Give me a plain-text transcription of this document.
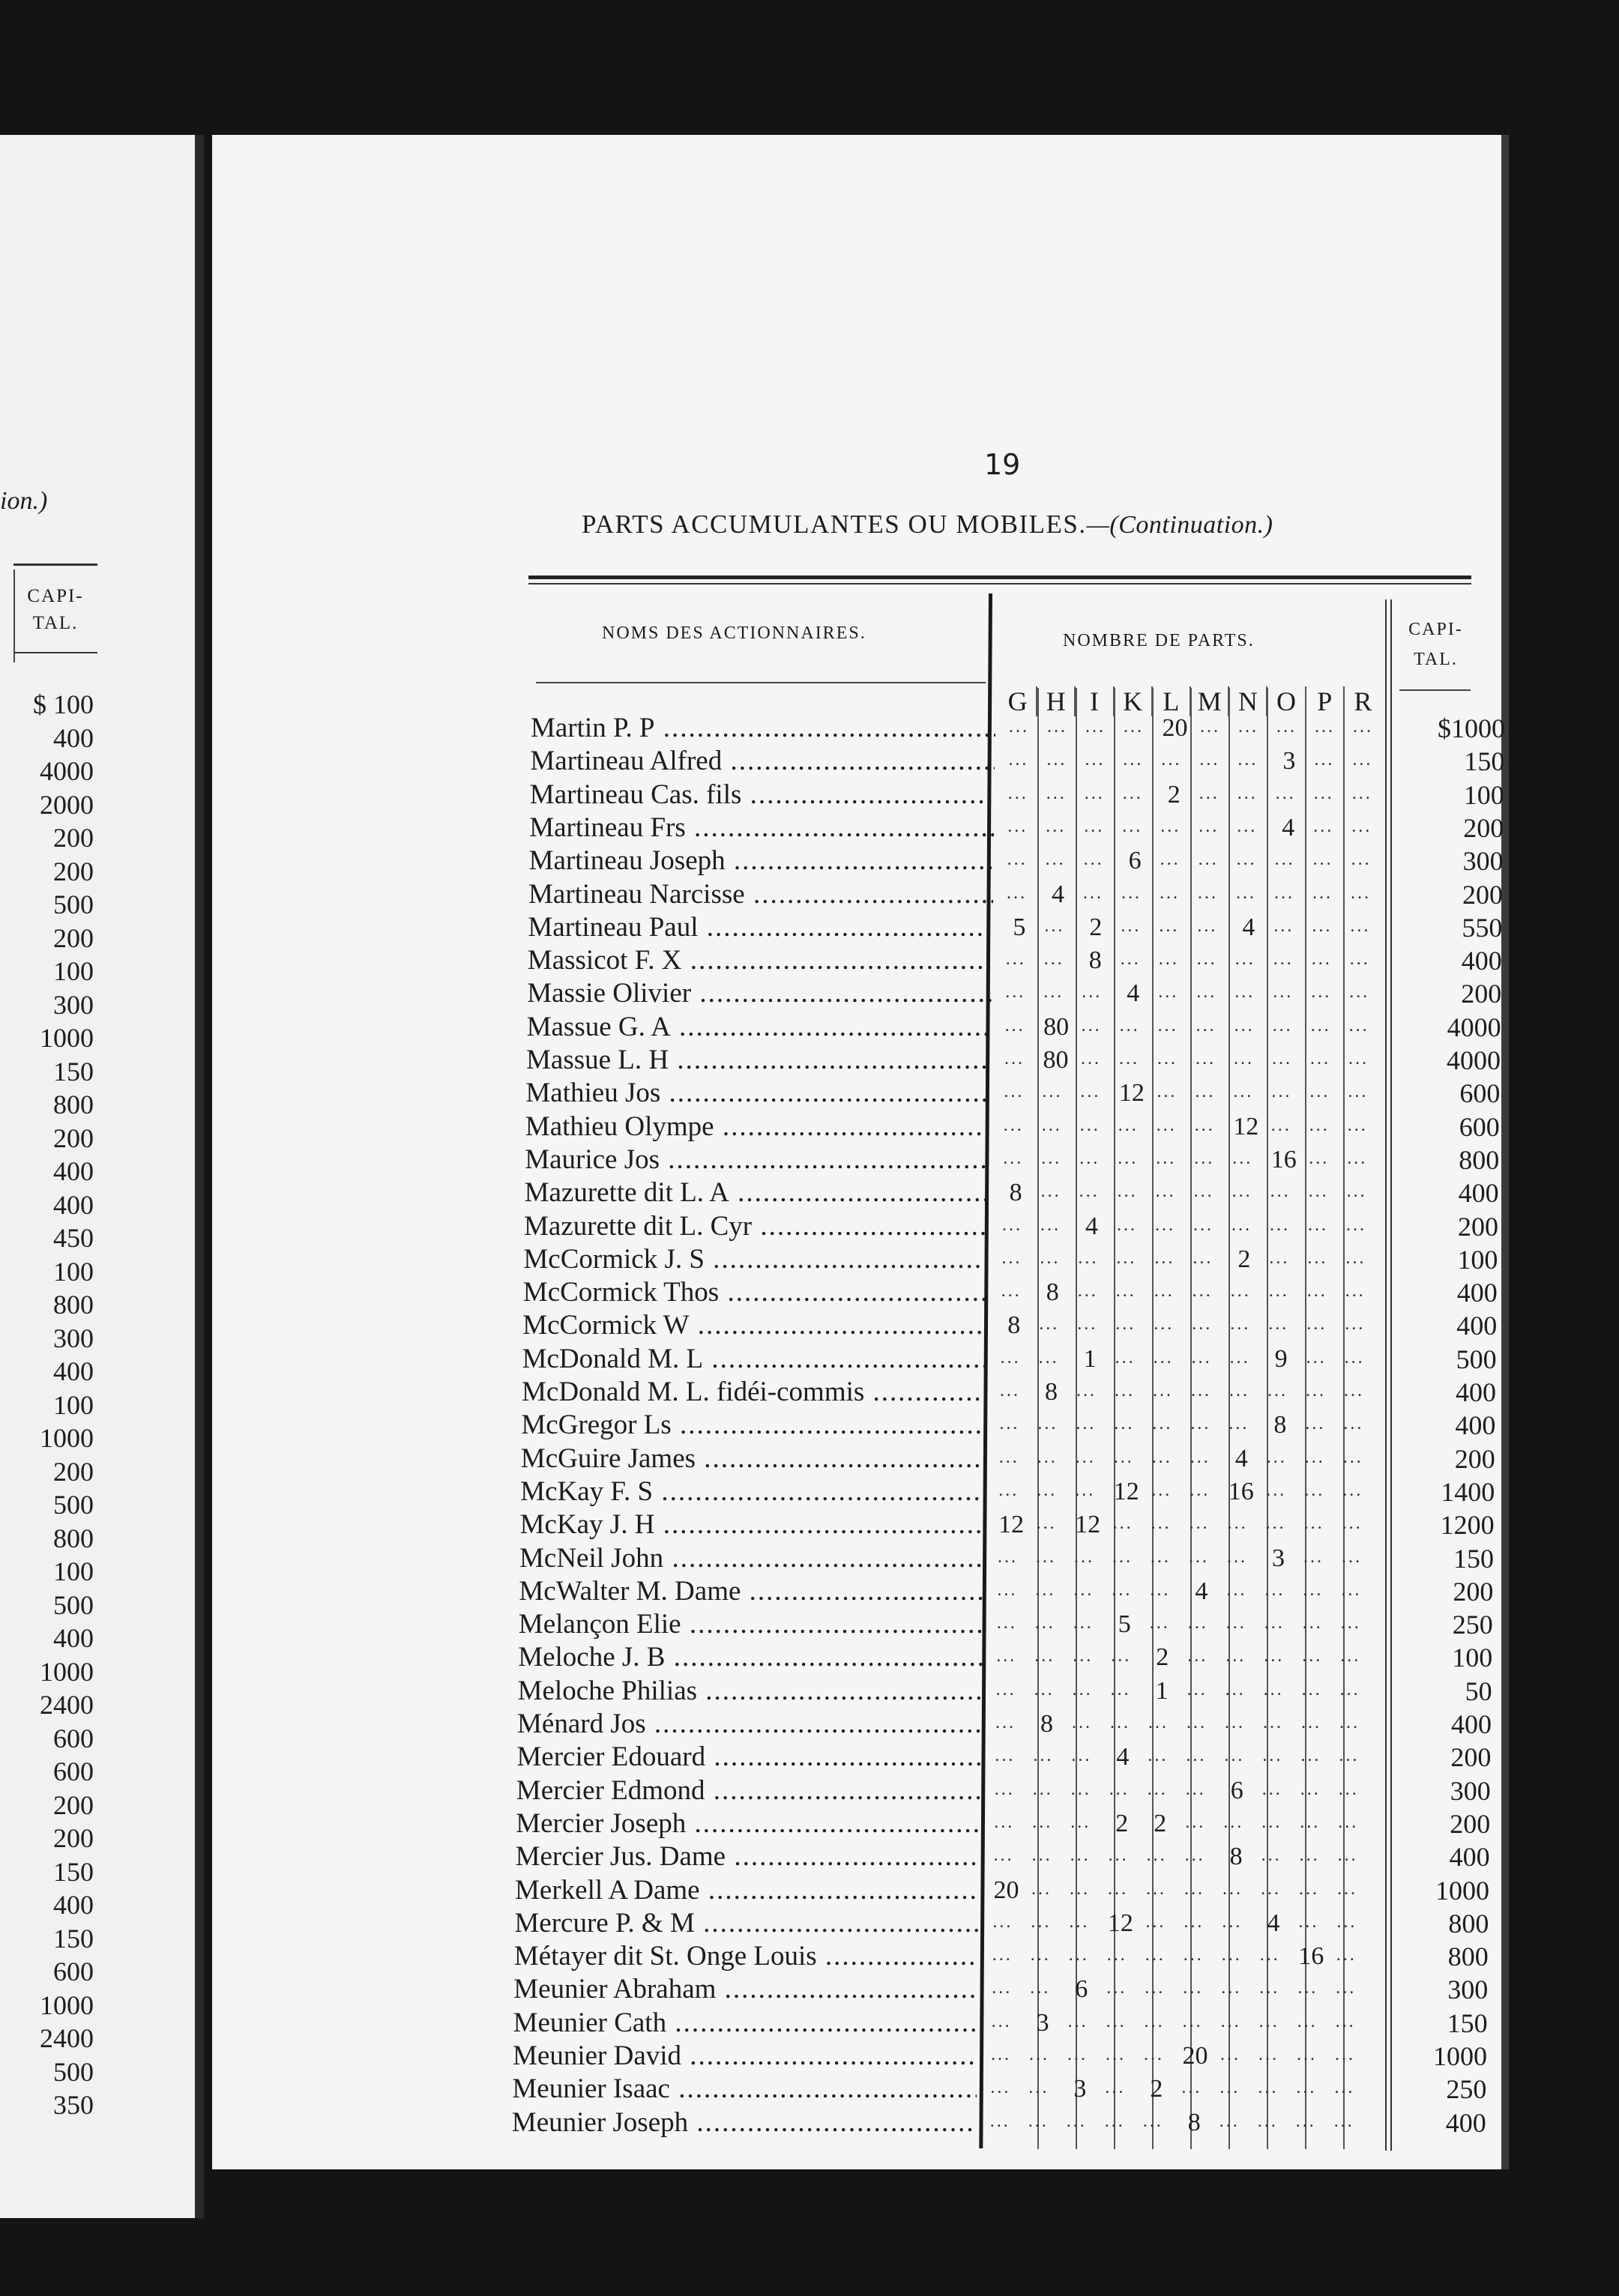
ion.)
CAPI-
TAL.
$ 100
400
4000
2000
200
200
500
200
100
300
1000
150
800
200
400
400
450
100
800
300
400
100
1000
200
500
800
100
500
400
1000
2400
600
600
200
200
150
400
150
600
1000
2400
500
350
19
PARTS ACCUMULANTES OU MOBILES.—(Continuation.)
NOMS DES ACTIONNAIRES.	NOMBRE DE PARTS.
CAPI-
TAL.
G H I K L M N O P R
Martin P. P ..... ... ... ... ...	20 ... ... ... ... ...	$1000
Martineau Alfred ..... ... ... ... ... ... ... ...	3 ... ...	150
Martineau Cas. fils ..... ... ... ... ...	2 ... ... ... ... ...	100
Martineau Frs ..... ... ... ... ... ... ... ...	4 ... ...	200
Martineau Joseph ..... ... ... ...	6 ... ... ... ... ... ...	300
Martineau Narcisse ..... ...	4 ... ... ... ... ... ... ... ...	200
Martineau Paul .....	5 ...	2 ... ... ...	4 ... ... ...	550
Massicot F. X ..... ... ...	8 ... ... ... ... ... ... ...	400
Massie Olivier ..... ... ... ...	4 ... ... ... ... ... ...	200
Massue G. A ..... ...	80 ... ... ... ... ... ... ... ...	4000
Massue L. H ..... ...	80 ... ... ... ... ... ... ... ...	4000
Mathieu Jos ..... ... ... ...	12 ... ... ... ... ... ...	600
Mathieu Olympe ..... ... ... ... ... ... ...	12 ... ... ...	600
Maurice Jos ..... ... ... ... ... ... ... ...	16 ... ...	800
Mazurette dit L. A .....	8 ... ... ... ... ... ... ... ... ...	400
Mazurette dit L. Cyr ..... ... ...	4 ... ... ... ... ... ... ...	200
McCormick J. S ..... ... ... ... ... ... ...	2 ... ... ...	100
McCormick Thos ..... ...	8 ... ... ... ... ... ... ... ...	400
McCormick W .....	8 ... ... ... ... ... ... ... ... ...	400
McDonald M. L ..... ... ...	1 ... ... ... ...	9 ... ...	500
McDonald M. L. fidéi-commis ..... ...	8 ... ... ... ... ... ... ... ...	400
McGregor Ls ..... ... ... ... ... ... ... ...	8 ... ...	400
McGuire James ..... ... ... ... ... ... ...	4 ... ... ...	200
McKay F. S ..... ... ... ...	12 ... ...	16 ... ... ...	1400
McKay J. H .....	12 ... 12 ... ... ... ... ... ... ...	1200
McNeil John ..... ... ... ... ... ... ... ...	3 ... ...	150
McWalter M. Dame ..... ... ... ... ... ...	4 ... ... ... ...	200
Melançon Elie ..... ... ... ...	5 ... ... ... ... ... ...	250
Meloche J. B ..... ... ... ... ...	2 ... ... ... ... ...	100
Meloche Philias ..... ... ... ... ...	1 ... ... ... ... ...	50
Ménard Jos ..... ...	8 ... ... ... ... ... ... ... ...	400
Mercier Edouard ..... ... ... ...	4 ... ... ... ... ... ...	200
Mercier Edmond ..... ... ... ... ... ... ...	6 ... ... ...	300
Mercier Joseph ..... ... ... ...	2	2 ... ... ... ... ...	200
Mercier Jus. Dame ..... ... ... ... ... ... ...	8 ... ... ...	400
Merkell A Dame .....	20 ... ... ... ... ... ... ... ... ...	1000
Mercure P. & M ..... ... ... ...	12 ... ... ...	4 ... ...	800
Métayer dit St. Onge Louis ..... ... ... ... ... ... ... ... ...	16 ...	800
Meunier Abraham ..... ... ...	6 ... ... ... ... ... ... ...	300
Meunier Cath ..... ...	3 ... ... ... ... ... ... ... ...	150
Meunier David ..... ... ... ... ... ...	20 ... ... ... ...	1000
Meunier Isaac ..... ... ...	3 ...	2 ... ... ... ... ...	250
Meunier Joseph ..... ... ... ... ... ...	8 ... ... ... ...	400
